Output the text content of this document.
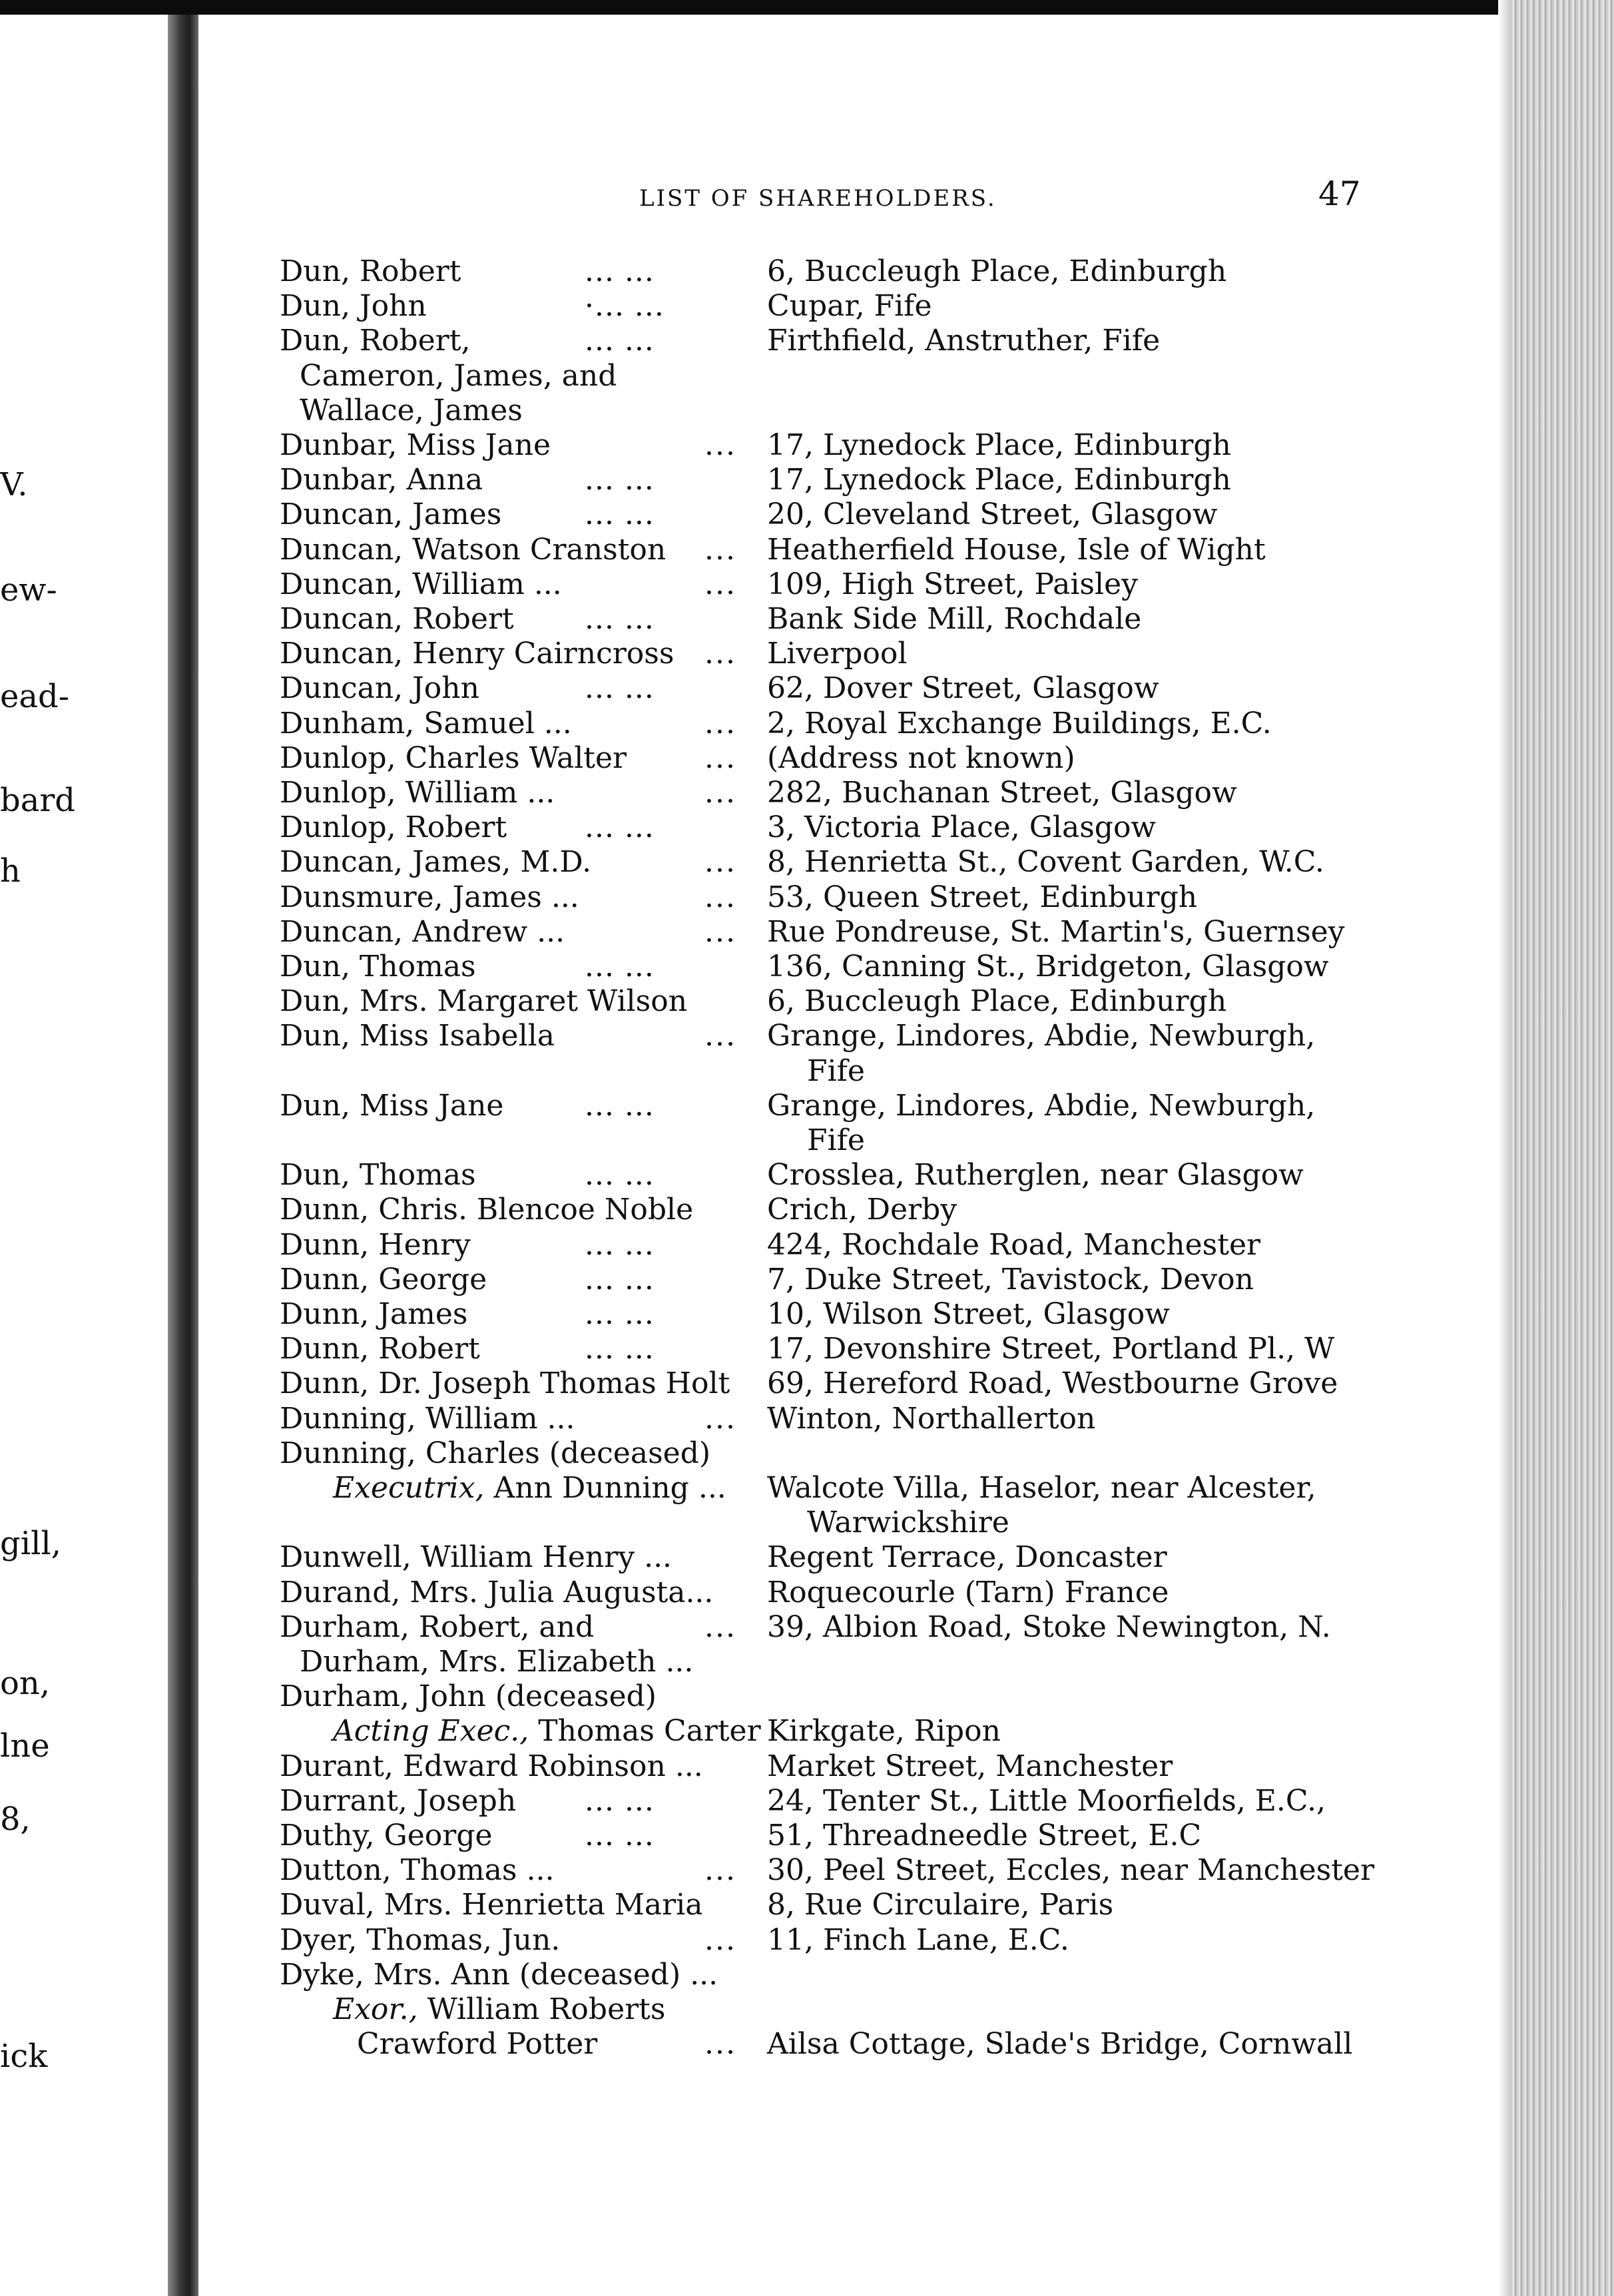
V.
ew-
ead-
bard
h
gill,
on,
lne
8,
ick
LIST OF SHAREHOLDERS.	47
Dun, Robert	... ...	6, Buccleugh Place, Edinburgh
Dun, John	·... ...	Cupar, Fife
Dun, Robert,	... ...	Firthfield, Anstruther, Fife
Cameron, James, and
Wallace, James
Dunbar, Miss Jane	... 17, Lynedock Place, Edinburgh
Dunbar, Anna	... ...	17, Lynedock Place, Edinburgh
Duncan, James	... ...	20, Cleveland Street, Glasgow
Duncan, Watson Cranston ... Heatherfield House, Isle of Wight
Duncan, William ...	... 109, High Street, Paisley
Duncan, Robert ... ...	Bank Side Mill, Rochdale
Duncan, Henry Cairncross ... Liverpool
Duncan, John	... ...	62, Dover Street, Glasgow
Dunham, Samuel ...	... 2, Royal Exchange Buildings, E.C.
Dunlop, Charles Walter	... (Address not known)
Dunlop, William ...	... 282, Buchanan Street, Glasgow
Dunlop, Robert	... ...	3, Victoria Place, Glasgow
Duncan, James, M.D.	... 8, Henrietta St., Covent Garden, W.C.
Dunsmure, James ...	... 53, Queen Street, Edinburgh
Duncan, Andrew ...	... Rue Pondreuse, St. Martin's, Guernsey
Dun, Thomas	... ...	136, Canning St., Bridgeton, Glasgow
Dun, Mrs. Margaret Wilson	6, Buccleugh Place, Edinburgh
Dun, Miss Isabella	... Grange, Lindores, Abdie, Newburgh,
Fife
Dun, Miss Jane	... ...	Grange, Lindores, Abdie, Newburgh,
Fife
Dun, Thomas	... ...	Crosslea, Rutherglen, near Glasgow
Dunn, Chris. Blencoe Noble	Crich, Derby
Dunn, Henry	... ...	424, Rochdale Road, Manchester
Dunn, George	... ...	7, Duke Street, Tavistock, Devon
Dunn, James	... ...	10, Wilson Street, Glasgow
Dunn, Robert	... ...	17, Devonshire Street, Portland Pl., W
Dunn, Dr. Joseph Thomas Holt 69, Hereford Road, Westbourne Grove
Dunning, William ...	... Winton, Northallerton
Dunning, Charles (deceased)
Executrix, Ann Dunning ... Walcote Villa, Haselor, near Alcester,
Warwickshire
Dunwell, William Henry ...	Regent Terrace, Doncaster
Durand, Mrs. Julia Augusta... Roquecourle (Tarn) France
Durham, Robert, and	... 39, Albion Road, Stoke Newington, N.
Durham, Mrs. Elizabeth ...
Durham, John (deceased)
Acting Exec., Thomas Carter Kirkgate, Ripon
Durant, Edward Robinson ... Market Street, Manchester
Durrant, Joseph ... ...	24, Tenter St., Little Moorfields, E.C.,
Duthy, George	... ...	51, Threadneedle Street, E.C
Dutton, Thomas ...	... 30, Peel Street, Eccles, near Manchester
Duval, Mrs. Henrietta Maria 8, Rue Circulaire, Paris
Dyer, Thomas, Jun.	... 11, Finch Lane, E.C.
Dyke, Mrs. Ann (deceased) ...
Exor., William Roberts
Crawford Potter	... Ailsa Cottage, Slade's Bridge, Cornwall
